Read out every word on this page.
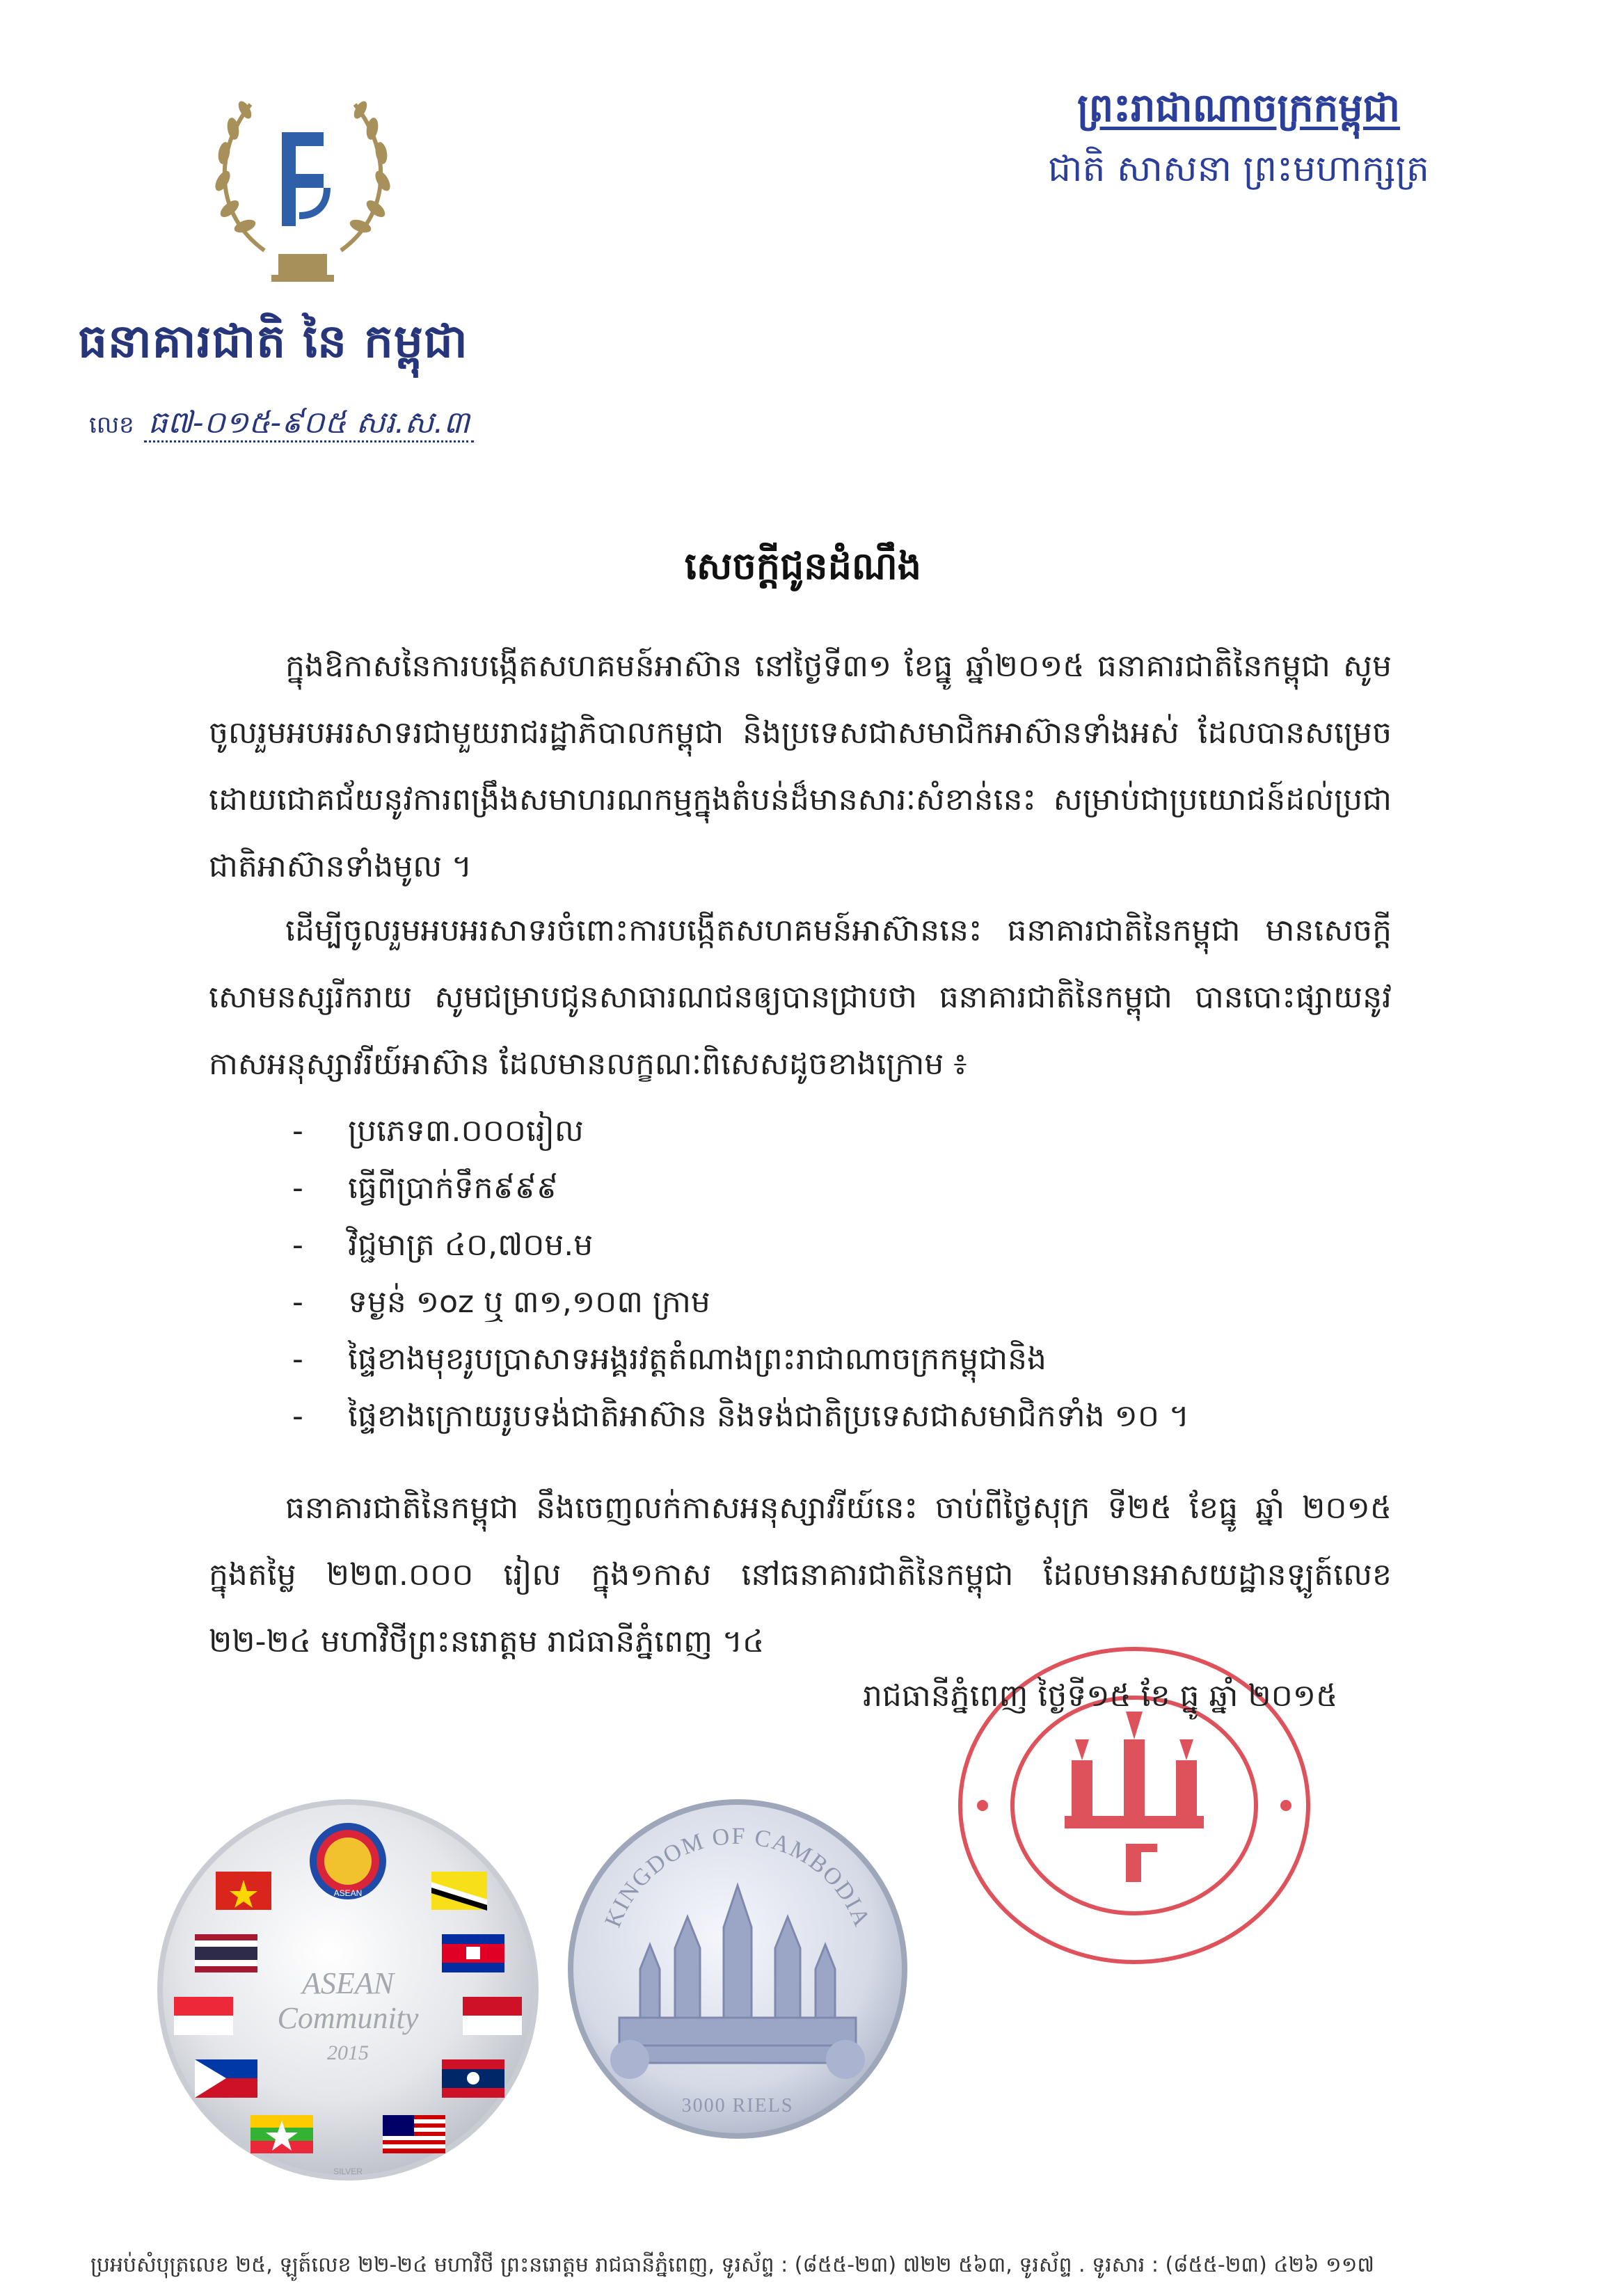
ធនាគារជាតិ នៃ កម្ពុជា
លេខ ធ៧-០១៥-៩០៥ សរ.ស.៣
ព្រះរាជាណាចក្រកម្ពុជា
ជាតិ សាសនា ព្រះមហាក្សត្រ
សេចក្តីជូនដំណឹង
ក្នុងឱកាសនៃការបង្កើតសហគមន៍អាស៊ាន នៅថ្ងៃទី៣១ ខែធ្នូ ឆ្នាំ២០១៥ ធនាគារជាតិនៃកម្ពុជា សូមចូលរួមអបអរសាទរជាមួយរាជរដ្ឋាភិបាលកម្ពុជា និងប្រទេសជាសមាជិកអាស៊ានទាំងអស់ ដែលបានសម្រេចដោយជោគជ័យនូវការពង្រឹងសមាហរណកម្មក្នុងតំបន់ដ៏មានសារៈសំខាន់នេះ សម្រាប់ជាប្រយោជន៍ដល់ប្រជាជាតិអាស៊ានទាំងមូល ។
ដើម្បីចូលរួមអបអរសាទរចំពោះការបង្កើតសហគមន៍អាស៊ាននេះ ធនាគារជាតិនៃកម្ពុជា មានសេចក្តីសោមនស្សរីករាយ សូមជម្រាបជូនសាធារណជនឲ្យបានជ្រាបថា ធនាគារជាតិនៃកម្ពុជា បានបោះផ្សាយនូវកាសអនុស្សាវរីយ៍អាស៊ាន ដែលមានលក្ខណៈពិសេសដូចខាងក្រោម ៖
-	ប្រភេទ៣.០០០រៀល
-	ធ្វើពីប្រាក់ទឹក៩៩៩
-	វិជ្ជមាត្រ ៤០,៧០ម.ម
-	ទម្ងន់ ១oz ឬ ៣១,១០៣ ក្រាម
-	ផ្ទៃខាងមុខរូបប្រាសាទអង្គរវត្តតំណាងព្រះរាជាណាចក្រកម្ពុជានិង
-	ផ្ទៃខាងក្រោយរូបទង់ជាតិអាស៊ាន និងទង់ជាតិប្រទេសជាសមាជិកទាំង ១០ ។
ធនាគារជាតិនៃកម្ពុជា នឹងចេញលក់កាសអនុស្សាវរីយ៍នេះ ចាប់ពីថ្ងៃសុក្រ ទី២៥ ខែធ្នូ ឆ្នាំ ២០១៥ ក្នុងតម្លៃ ២២៣.០០០ រៀល ក្នុង១កាស នៅធនាគារជាតិនៃកម្ពុជា ដែលមានអាសយដ្ឋានឡូត៍លេខ ២២-២៤ មហាវិថីព្រះនរោត្តម រាជធានីភ្នំពេញ ។៤
រាជធានីភ្នំពេញ ថ្ងៃទី១៥ ខែ ធ្នូ ឆ្នាំ ២០១៥
ASEAN
ASEAN
Community
2015
SILVER
KINGDOM OF CAMBODIA
3000 RIELS
ប្រអប់សំបុត្រលេខ ២៥, ឡូត៍លេខ ២២-២៤ មហាវិថី ព្រះនរោត្តម រាជធានីភ្នំពេញ, ទូរស័ព្ទ : (៨៥៥-២៣) ៧២២ ៥៦៣, ទូរស័ព្ទ . ទូរសារ : (៨៥៥-២៣) ៤២៦ ១១៧
